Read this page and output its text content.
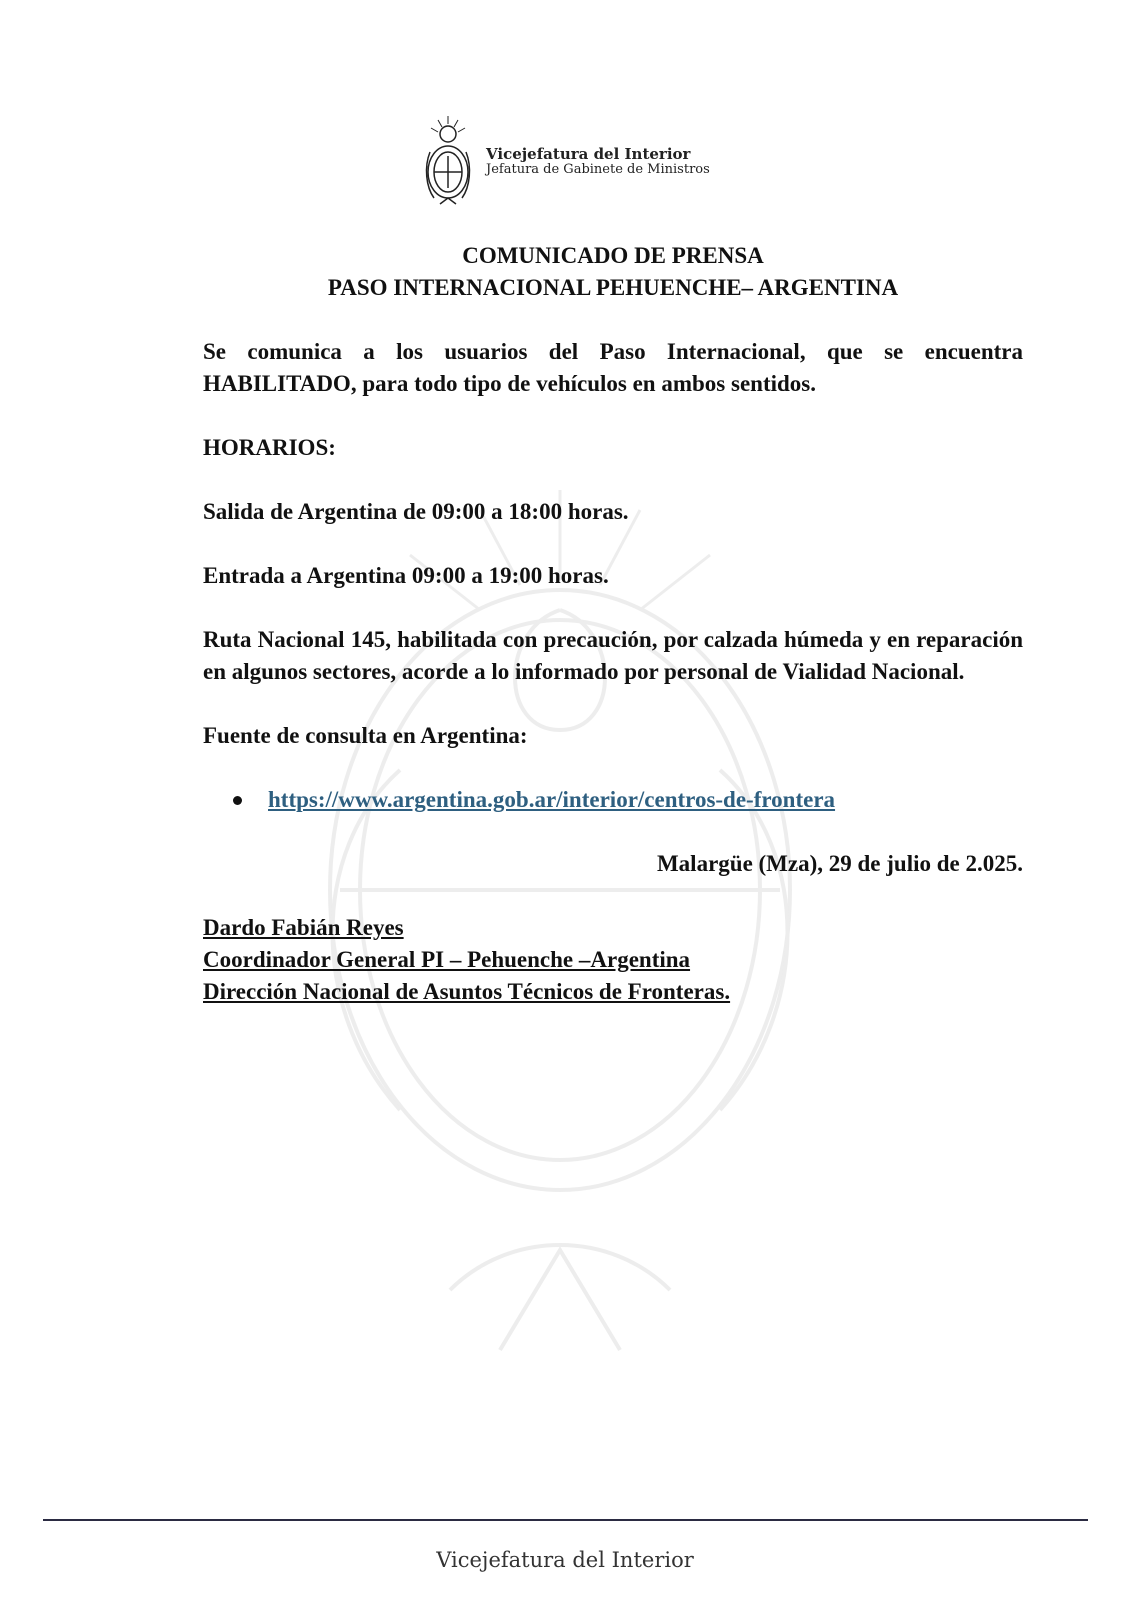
Vicejefatura del Interior
Jefatura de Gabinete de Ministros
COMUNICADO DE PRENSA
PASO INTERNACIONAL PEHUENCHE– ARGENTINA

Se comunica a los usuarios del Paso Internacional, que se encuentra HABILITADO, para todo tipo de vehículos en ambos sentidos.

HORARIOS:

Salida de Argentina de 09:00 a 18:00 horas.

Entrada a Argentina 09:00 a 19:00 horas.

Ruta Nacional 145, habilitada con precaución, por calzada húmeda y en reparación en algunos sectores, acorde a lo informado por personal de Vialidad Nacional.

Fuente de consulta en Argentina:

https://www.argentina.gob.ar/interior/centros-de-frontera
Malargüe (Mza), 29 de julio de 2.025.
Dardo Fabián Reyes
Coordinador General PI – Pehuenche –Argentina
Dirección Nacional de Asuntos Técnicos de Fronteras.
Vicejefatura del Interior
